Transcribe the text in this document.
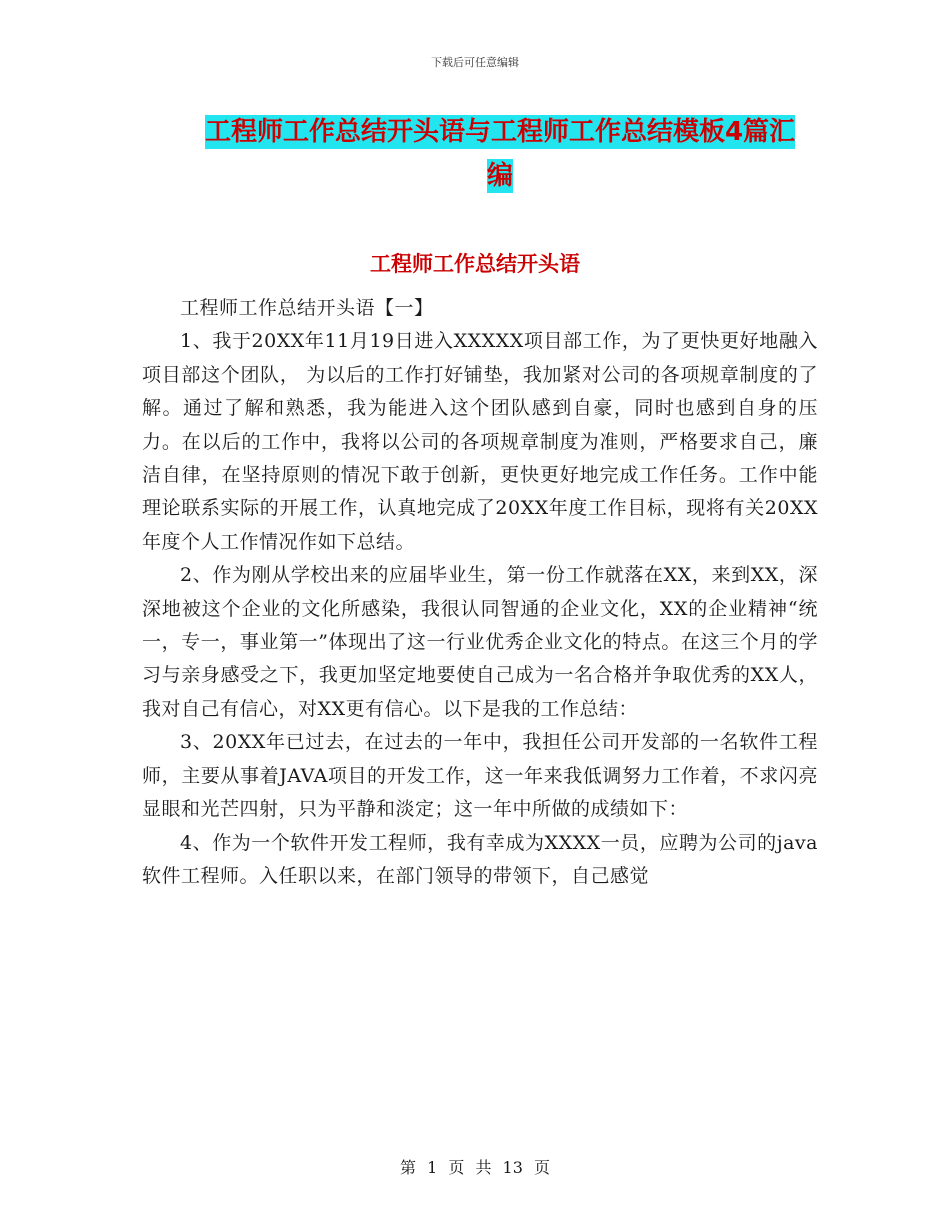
下载后可任意编辑
工程师工作总结开头语与工程师工作总结模板4篇汇编
工程师工作总结开头语

工程师工作总结开头语【一】

1、我于20XX年11月19日进入XXXXX项目部工作，为了更快更好地融入项目部这个团队， 为以后的工作打好铺垫，我加紧对公司的各项规章制度的了解。通过了解和熟悉，我为能进入这个团队感到自豪，同时也感到自身的压力。在以后的工作中，我将以公司的各项规章制度为准则，严格要求自己，廉洁自律，在坚持原则的情况下敢于创新，更快更好地完成工作任务。工作中能理论联系实际的开展工作，认真地完成了20XX年度工作目标，现将有关20XX年度个人工作情况作如下总结。

2、作为刚从学校出来的应届毕业生，第一份工作就落在XX，来到XX，深深地被这个企业的文化所感染，我很认同智通的企业文化，XX的企业精神“统一，专一，事业第一”体现出了这一行业优秀企业文化的特点。在这三个月的学习与亲身感受之下，我更加坚定地要使自己成为一名合格并争取优秀的XX人，我对自己有信心，对XX更有信心。以下是我的工作总结：

3、20XX年已过去，在过去的一年中，我担任公司开发部的一名软件工程师，主要从事着JAVA项目的开发工作，这一年来我低调努力工作着，不求闪亮显眼和光芒四射，只为平静和淡定；这一年中所做的成绩如下：

4、作为一个软件开发工程师，我有幸成为XXXX一员，应聘为公司的java软件工程师。入任职以来，在部门领导的带领下，自己感觉

第 1 页 共 13 页
